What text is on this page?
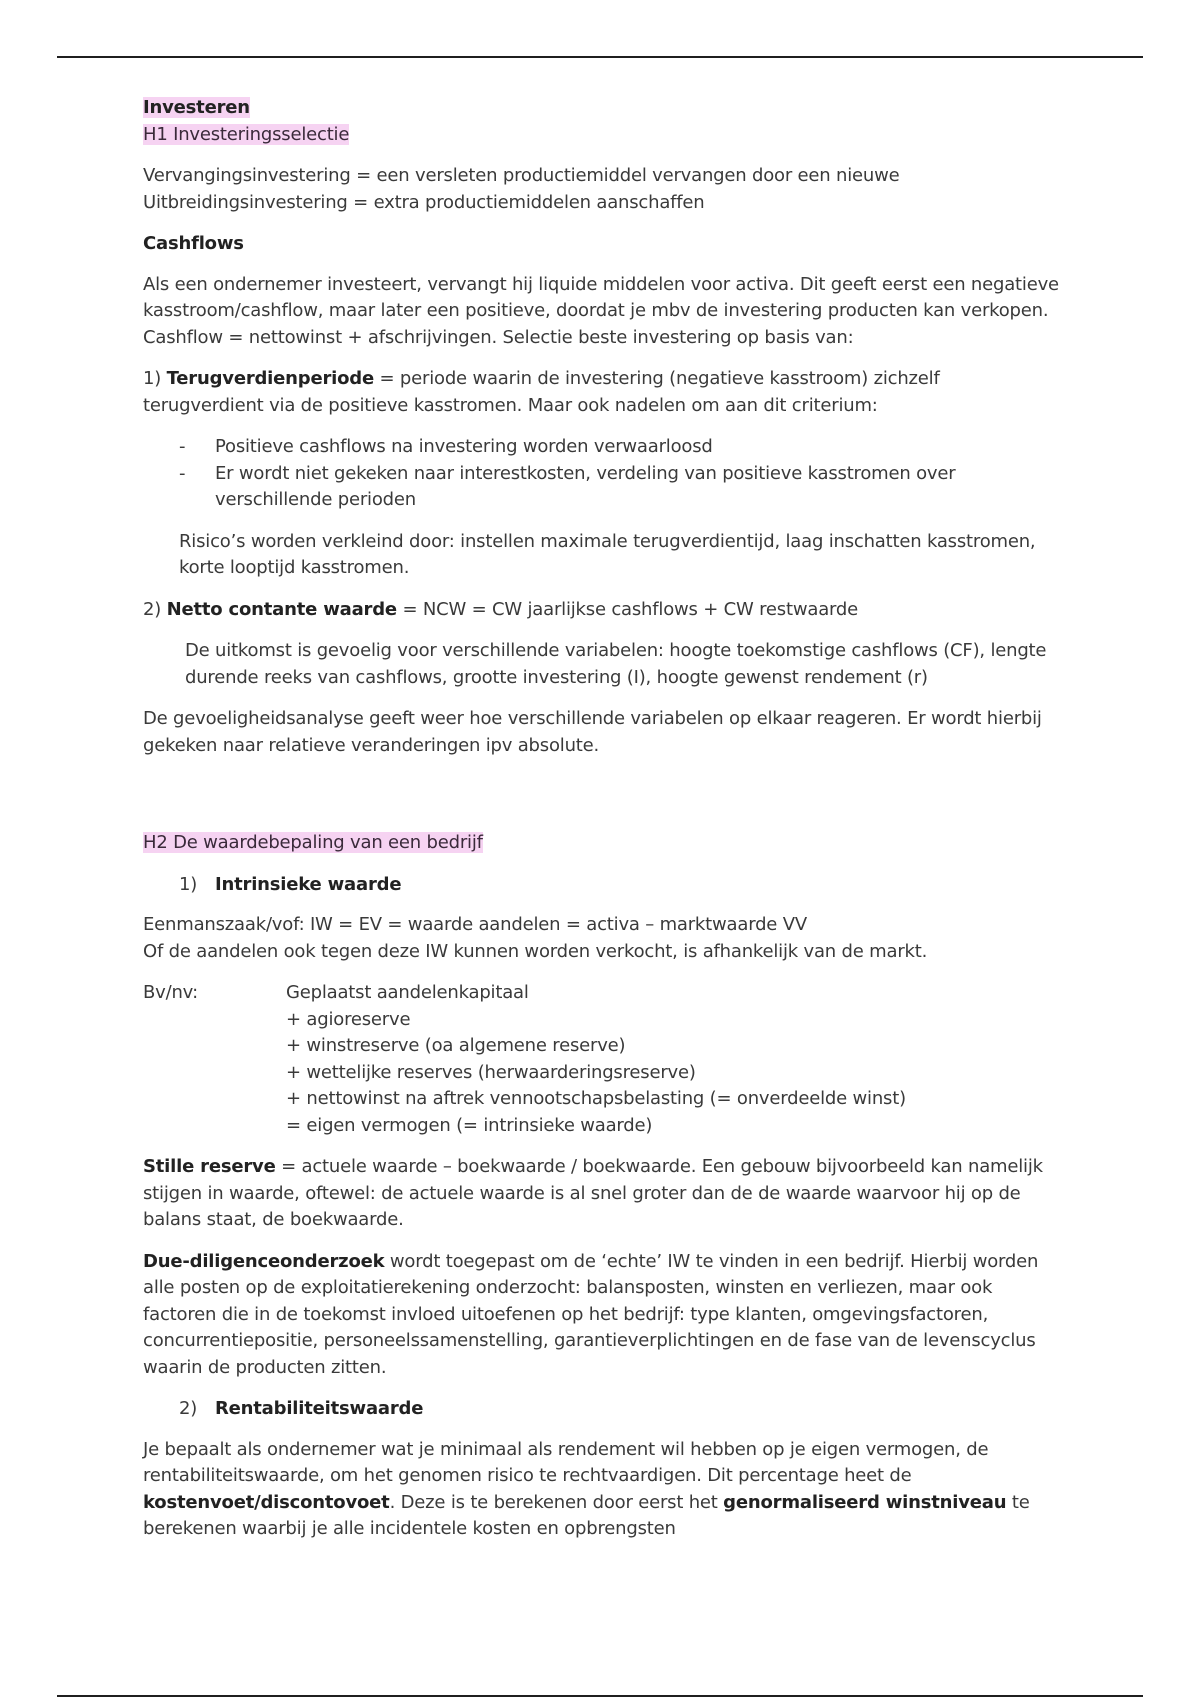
Investeren

H1 Investeringsselectie

Vervangingsinvestering = een versleten productiemiddel vervangen door een nieuwe
Uitbreidingsinvestering = extra productiemiddelen aanschaffen

Cashflows

Als een ondernemer investeert, vervangt hij liquide middelen voor activa. Dit geeft eerst een negatieve kasstroom/cashflow, maar later een positieve, doordat je mbv de investering producten kan verkopen. Cashflow = nettowinst + afschrijvingen. Selectie beste investering op basis van:

1) Terugverdienperiode = periode waarin de investering (negatieve kasstroom) zichzelf terugverdient via de positieve kasstromen. Maar ook nadelen om aan dit criterium:

- Positieve cashflows na investering worden verwaarloosd
- Er wordt niet gekeken naar interestkosten, verdeling van positieve kasstromen over verschillende perioden

Risico’s worden verkleind door: instellen maximale terugverdientijd, laag inschatten kasstromen, korte looptijd kasstromen.

2) Netto contante waarde = NCW = CW jaarlijkse cashflows + CW restwaarde

De uitkomst is gevoelig voor verschillende variabelen: hoogte toekomstige cashflows (CF), lengte durende reeks van cashflows, grootte investering (I), hoogte gewenst rendement (r)

De gevoeligheidsanalyse geeft weer hoe verschillende variabelen op elkaar reageren. Er wordt hierbij gekeken naar relatieve veranderingen ipv absolute.

H2 De waardebepaling van een bedrijf

1) Intrinsieke waarde

Eenmanszaak/vof: IW = EV = waarde aandelen = activa – marktwaarde VV
Of de aandelen ook tegen deze IW kunnen worden verkocht, is afhankelijk van de markt.

Bv/nv:	Geplaatst aandelenkapitaal
+ agioreserve
+ winstreserve (oa algemene reserve)
+ wettelijke reserves (herwaarderingsreserve)
+ nettowinst na aftrek vennootschapsbelasting (= onverdeelde winst)
= eigen vermogen (= intrinsieke waarde)

Stille reserve = actuele waarde – boekwaarde / boekwaarde. Een gebouw bijvoorbeeld kan namelijk stijgen in waarde, oftewel: de actuele waarde is al snel groter dan de de waarde waarvoor hij op de balans staat, de boekwaarde.

Due-diligenceonderzoek wordt toegepast om de ‘echte’ IW te vinden in een bedrijf. Hierbij worden alle posten op de exploitatierekening onderzocht: balansposten, winsten en verliezen, maar ook factoren die in de toekomst invloed uitoefenen op het bedrijf: type klanten, omgevingsfactoren, concurrentiepositie, personeelssamenstelling, garantieverplichtingen en de fase van de levenscyclus waarin de producten zitten.

2) Rentabiliteitswaarde

Je bepaalt als ondernemer wat je minimaal als rendement wil hebben op je eigen vermogen, de rentabiliteitswaarde, om het genomen risico te rechtvaardigen. Dit percentage heet de kostenvoet/discontovoet. Deze is te berekenen door eerst het genormaliseerd winstniveau te berekenen waarbij je alle incidentele kosten en opbrengsten
